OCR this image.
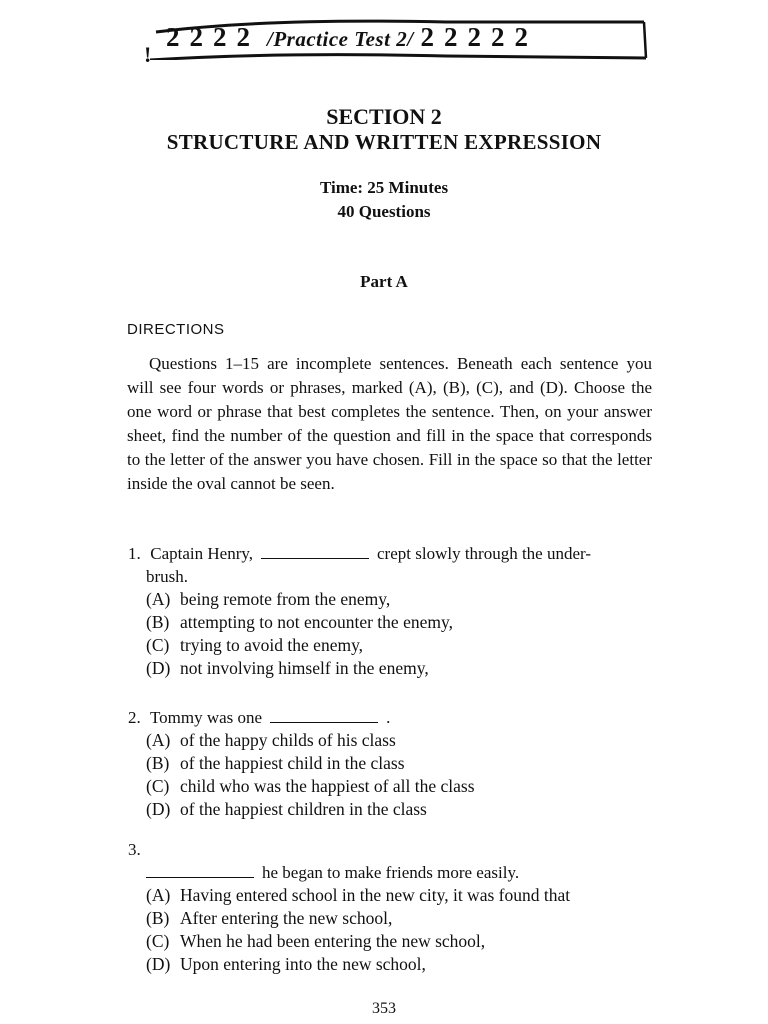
!
2 2 2 2 /Practice Test 2/ 2 2 2 2 2
SECTION 2
STRUCTURE AND WRITTEN EXPRESSION
Time: 25 Minutes
40 Questions
Part A
DIRECTIONS

Questions 1–15 are incomplete sentences. Beneath each sentence you will see four words or phrases, marked (A), (B), (C), and (D). Choose the one word or phrase that best completes the sentence. Then, on your answer sheet, find the number of the question and fill in the space that corresponds to the letter of the answer you have chosen. Fill in the space so that the letter inside the oval cannot be seen.

1. Captain Henry,	crept slowly through the under-

brush.
(A) being remote from the enemy,
(B) attempting to not encounter the enemy,
(C) trying to avoid the enemy,
(D) not involving himself in the enemy,

2. Tommy was one	.

(A) of the happy childs of his class
(B) of the happiest child in the class
(C) child who was the happiest of all the class
(D) of the happiest children in the class

3.

he began to make friends more easily.
(A) Having entered school in the new city, it was found that
(B) After entering the new school,
(C) When he had been entering the new school,
(D) Upon entering into the new school,
353
